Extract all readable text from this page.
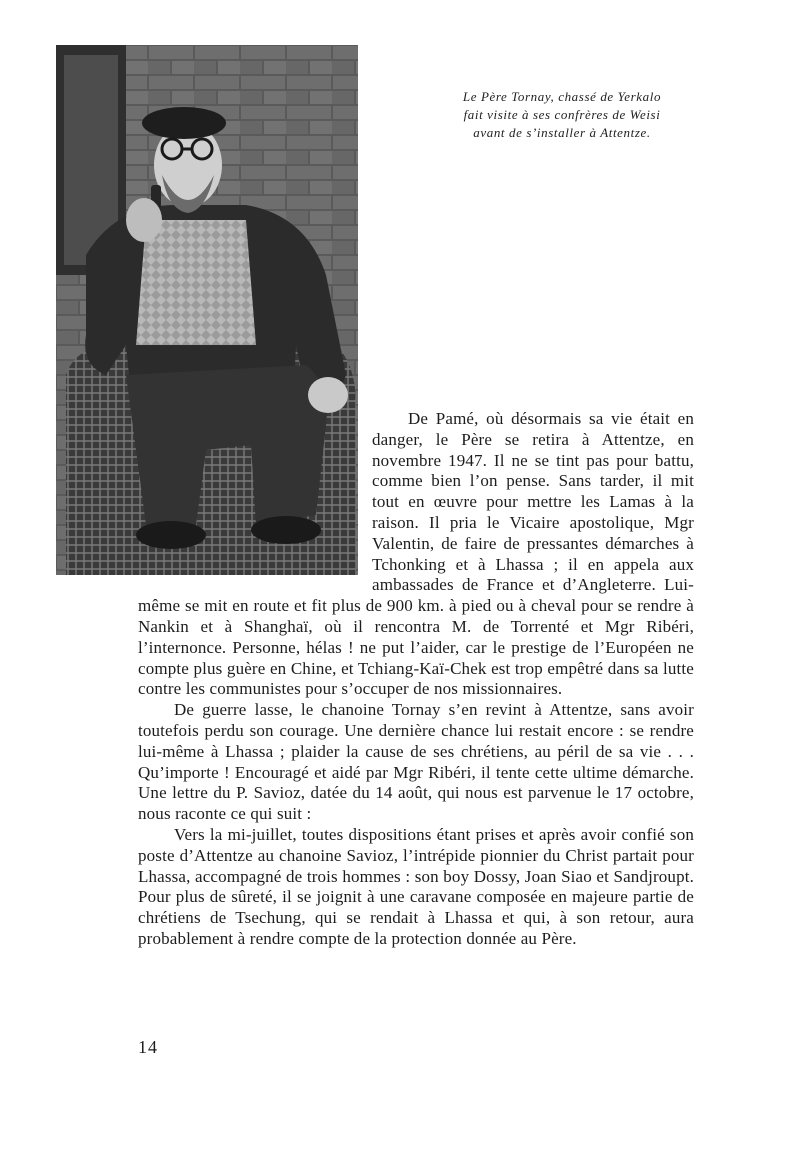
Le Père Tornay, chassé de Yerkalo
fait visite à ses confrères de Weisi
avant de s’installer à Attentze.

De Pamé, où désormais sa vie était en danger, le Père se retira à Attentze, en novembre 1947. Il ne se tint pas pour battu, comme bien l’on pense. Sans tarder, il mit tout en œuvre pour mettre les Lamas à la raison. Il pria le Vicaire apostolique, Mgr Valentin, de faire de pressantes démarches à Tchonking et à Lhassa ; il en appela aux ambassades de France et d’Angleterre. Lui-même se mit en route et fit plus de 900 km. à pied ou à cheval pour se rendre à Nankin et à Shanghaï, où il rencontra M. de Torrenté et Mgr Ribéri, l’internonce. Personne, hélas ! ne put l’aider, car le prestige de l’Européen ne compte plus guère en Chine, et Tchiang-Kaï-Chek est trop empêtré dans sa lutte contre les communistes pour s’occuper de nos missionnaires.

De guerre lasse, le chanoine Tornay s’en revint à Attentze, sans avoir toutefois perdu son courage. Une dernière chance lui restait encore : se rendre lui-même à Lhassa ; plaider la cause de ses chrétiens, au péril de sa vie . . . Qu’importe ! Encouragé et aidé par Mgr Ribéri, il tente cette ultime démarche. Une lettre du P. Savioz, datée du 14 août, qui nous est parvenue le 17 octobre, nous raconte ce qui suit :

Vers la mi-juillet, toutes dispositions étant prises et après avoir confié son poste d’Attentze au chanoine Savioz, l’intrépide pionnier du Christ partait pour Lhassa, accompagné de trois hommes : son boy Dossy, Joan Siao et Sandjroupt. Pour plus de sûreté, il se joignit à une caravane composée en majeure partie de chrétiens de Tsechung, qui se rendait à Lhassa et qui, à son retour, aura probablement à rendre compte de la protection donnée au Père.

14
